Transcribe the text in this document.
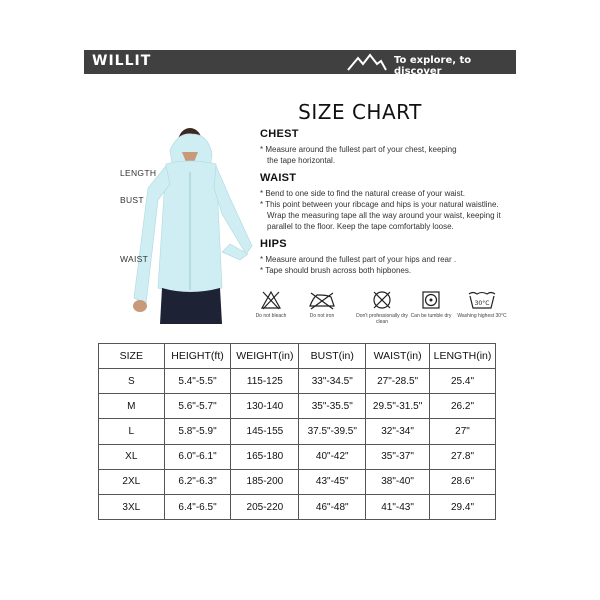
WILLIT	To explore, to discover
SIZE CHART
LENGTH
BUST
WAIST
CHEST

* Measure around the fullest part of your chest, keeping

the tape horizontal.

WAIST

* Bend to one side to find the natural crease of your waist.

* This point between your ribcage and hips is your natural waistline.

Wrap the measuring tape all the way around your waist, keeping it

parallel to the floor. Keep the tape comfortably loose.

HIPS

* Measure around the fullest part of your hips and rear .

* Tape should brush across both hipbones.

Do not bleach	Do not iron	Don't professionally dry clean
Can be tumble dry
30°C
Washing highest 30°C
SIZE	HEIGHT(ft)	WEIGHT(in)	BUST(in)	WAIST(in)	LENGTH(in)
S	5.4"-5.5"	115-125	33"-34.5"	27"-28.5"	25.4"
M	5.6"-5.7"	130-140	35"-35.5"	29.5"-31.5"	26.2"
L	5.8"-5.9"	145-155	37.5"-39.5"	32"-34"	27"
XL	6.0"-6.1"	165-180	40"-42"	35"-37"	27.8"
2XL	6.2"-6.3"	185-200	43"-45"	38"-40"	28.6"
3XL	6.4"-6.5"	205-220	46"-48"	41"-43"	29.4"
